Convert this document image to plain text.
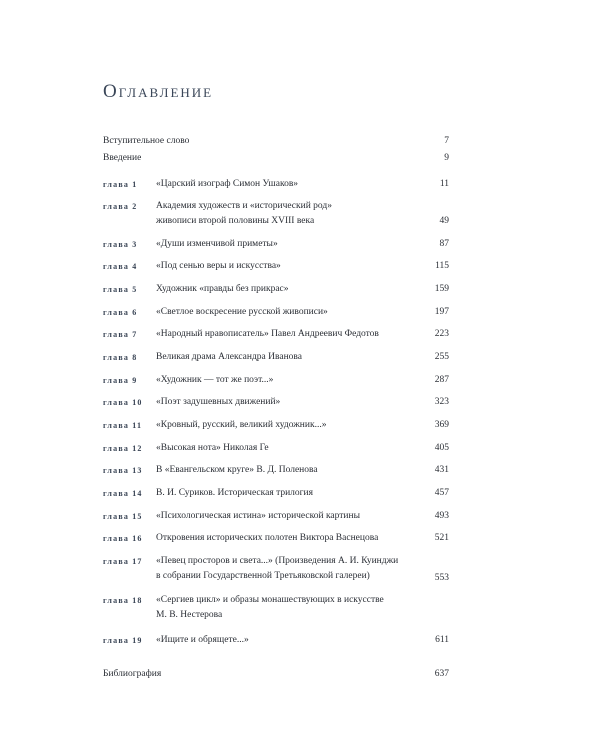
Оглавление
Вступительное слово	7
Введение	9
глава 1 «Царский изограф Симон Ушаков»	11
глава 2 Академия художеств и «исторический род»
живописи второй половины XVIII века	49
глава 3 «Души изменчивой приметы»	87
глава 4 «Под сенью веры и искусства»	115
глава 5 Художник «правды без прикрас»	159
глава 6 «Светлое воскресение русской живописи»	197
глава 7 «Народный нравописатель» Павел Андреевич Федотов	223
глава 8 Великая драма Александра Иванова	255
глава 9 «Художник — тот же поэт...»	287
глава 10 «Поэт задушевных движений»	323
глава 11 «Кровный, русский, великий художник...»	369
глава 12 «Высокая нота» Николая Ге	405
глава 13 В «Евангельском круге» В. Д. Поленова	431
глава 14 В. И. Суриков. Историческая трилогия	457
глава 15 «Психологическая истина» исторической картины	493
глава 16 Откровения исторических полотен Виктора Васнецова	521
глава 17 «Певец просторов и света...» (Произведения А. И. Куинджи
в собрании Государственной Третьяковской галереи)	553
глава 18 «Сергиев цикл» и образы монашествующих в искусстве
М. В. Нестерова
глава 19 «Ищите и обрящете...»	611
Библиография	637
